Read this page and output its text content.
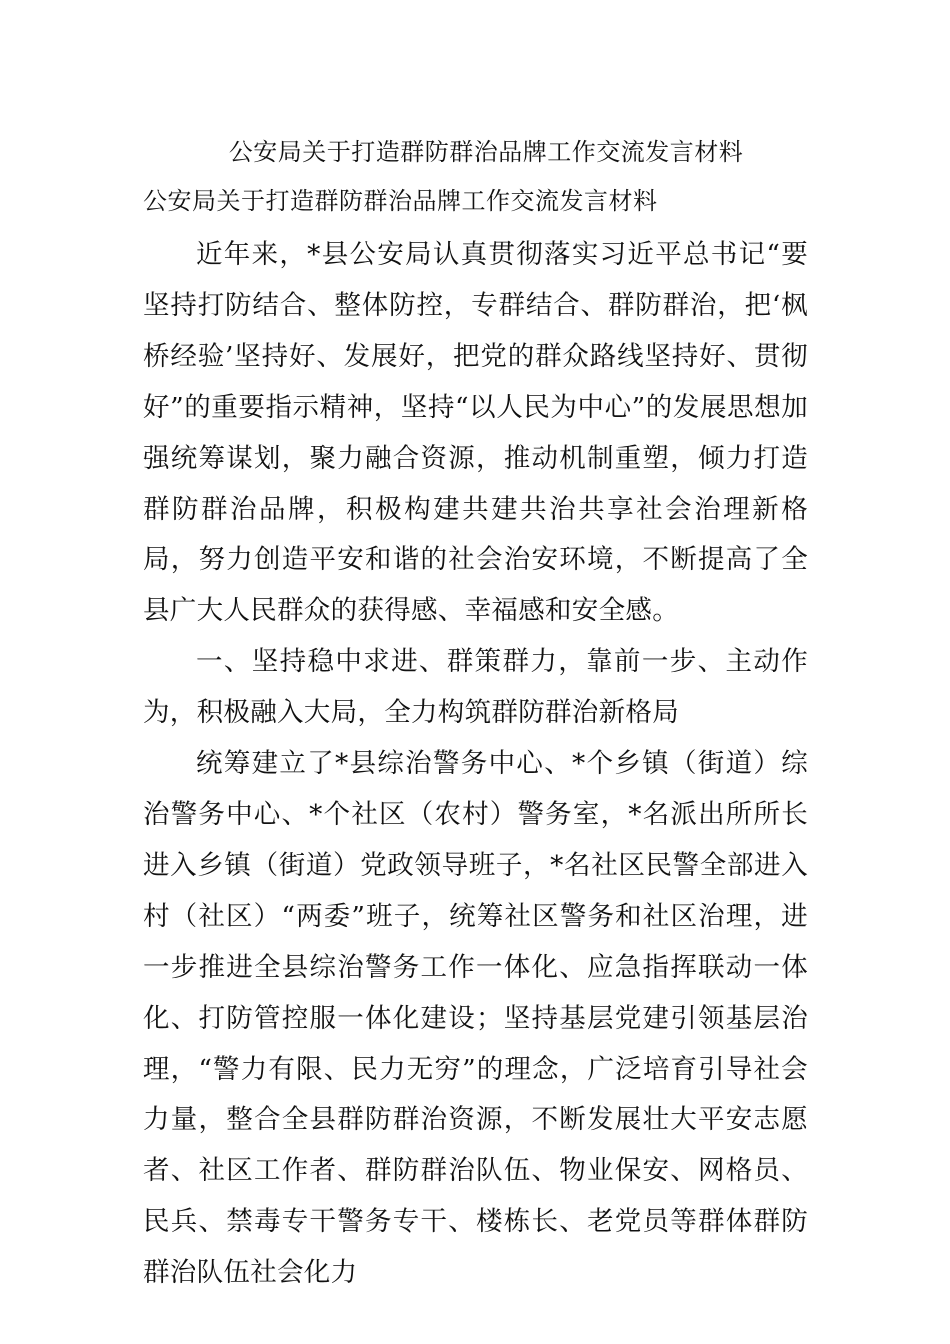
公安局关于打造群防群治品牌工作交流发言材料
公安局关于打造群防群治品牌工作交流发言材料

近年来，*县公安局认真贯彻落实习近平总书记“要坚持打防结合、整体防控，专群结合、群防群治，把‘枫桥经验’坚持好、发展好，把党的群众路线坚持好、贯彻好”的重要指示精神，坚持“以人民为中心”的发展思想加强统筹谋划，聚力融合资源，推动机制重塑，倾力打造群防群治品牌，积极构建共建共治共享社会治理新格局，努力创造平安和谐的社会治安环境，不断提高了全县广大人民群众的获得感、幸福感和安全感。

一、坚持稳中求进、群策群力，靠前一步、主动作为，积极融入大局，全力构筑群防群治新格局

统筹建立了*县综治警务中心、*个乡镇（街道）综治警务中心、*个社区（农村）警务室，*名派出所所长进入乡镇（街道）党政领导班子，*名社区民警全部进入村（社区）“两委”班子，统筹社区警务和社区治理，进一步推进全县综治警务工作一体化、应急指挥联动一体化、打防管控服一体化建设；坚持基层党建引领基层治理，“警力有限、民力无穷”的理念，广泛培育引导社会力量，整合全县群防群治资源，不断发展壮大平安志愿者、社区工作者、群防群治队伍、物业保安、网格员、民兵、禁毒专干警务专干、楼栋长、老党员等群体群防群治队伍社会化力
